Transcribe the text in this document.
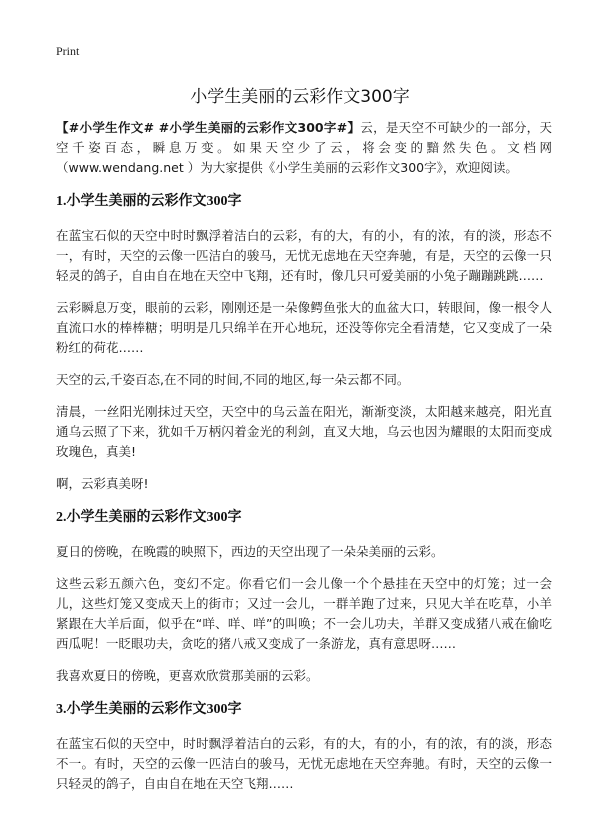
Print
小学生美丽的云彩作文300字

【#小学生作文# #小学生美丽的云彩作文300字#】云，是天空不可缺少的一部分，天空千姿百态，瞬息万变。如果天空少了云，将会变的黯然失色。文档网（www.wendang.net ）为大家提供《小学生美丽的云彩作文300字》，欢迎阅读。

1.小学生美丽的云彩作文300字

在蓝宝石似的天空中时时飘浮着洁白的云彩，有的大，有的小，有的浓，有的淡，形态不一，有时，天空的云像一匹洁白的骏马，无忧无虑地在天空奔驰，有是，天空的云像一只轻灵的鸽子，自由自在地在天空中飞翔，还有时，像几只可爱美丽的小兔子蹦蹦跳跳……

云彩瞬息万变，眼前的云彩，刚刚还是一朵像鳄鱼张大的血盆大口，转眼间，像一根令人直流口水的棒棒糖；明明是几只绵羊在开心地玩，还没等你完全看清楚，它又变成了一朵粉红的荷花……

天空的云,千姿百态,在不同的时间,不同的地区,每一朵云都不同。

清晨，一丝阳光刚抹过天空，天空中的乌云盖在阳光，渐渐变淡，太阳越来越亮，阳光直通乌云照了下来，犹如千万柄闪着金光的利剑，直叉大地，乌云也因为耀眼的太阳而变成玫瑰色，真美!

啊，云彩真美呀!

2.小学生美丽的云彩作文300字

夏日的傍晚，在晚霞的映照下，西边的天空出现了一朵朵美丽的云彩。

这些云彩五颜六色，变幻不定。你看它们一会儿像一个个悬挂在天空中的灯笼；过一会儿，这些灯笼又变成天上的街市；又过一会儿，一群羊跑了过来，只见大羊在吃草，小羊紧跟在大羊后面，似乎在“咩、咩、咩”的叫唤；不一会儿功夫，羊群又变成猪八戒在偷吃西瓜呢！一眨眼功夫，贪吃的猪八戒又变成了一条游龙，真有意思呀……

我喜欢夏日的傍晚，更喜欢欣赏那美丽的云彩。

3.小学生美丽的云彩作文300字

在蓝宝石似的天空中，时时飘浮着洁白的云彩，有的大，有的小，有的浓，有的淡，形态不一。有时，天空的云像一匹洁白的骏马，无忧无虑地在天空奔驰。有时，天空的云像一只轻灵的鸽子，自由自在地在天空飞翔……
